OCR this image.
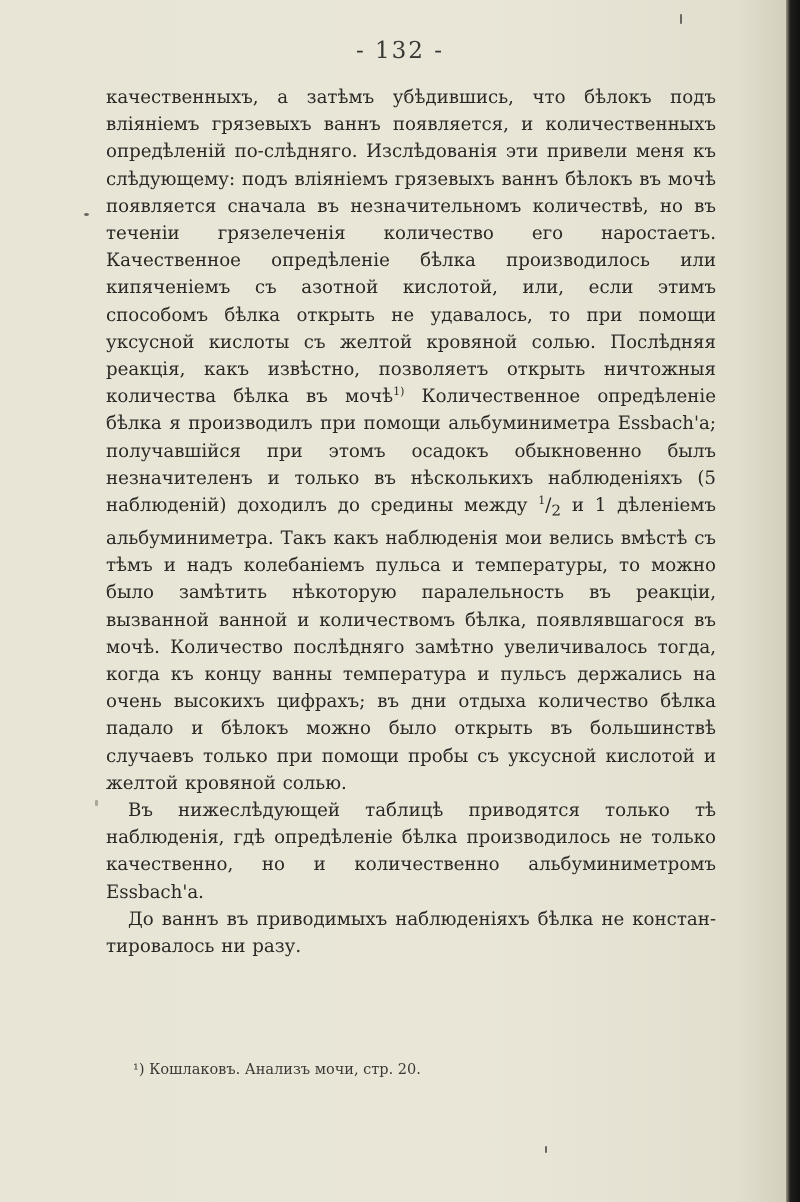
- 132 -

качественныхъ, а затѣмъ убѣдившись, что бѣлокъ подъ вліяніемъ грязевыхъ ваннъ появляется, и количественныхъ опредѣленій по-слѣдняго. Изслѣдованія эти привели меня къ слѣдующему: подъ вліяніемъ грязевыхъ ваннъ бѣлокъ въ мочѣ появляется сначала въ незначительномъ количествѣ, но въ теченіи грязелеченія количество его наростаетъ. Качественное опредѣленіе бѣлка производилось или кипяченіемъ съ азотной кислотой, или, если этимъ способомъ бѣлка открыть не удавалось, то при помощи уксусной кислоты съ желтой кровяной солью. Послѣдняя реакція, какъ извѣстно, позволяетъ открыть ничтожныя количества бѣлка въ мочѣ$^{1)}$ Количественное опредѣленіе бѣлка я производилъ при помощи альбуминиметра Essbach'а; получавшійся при этомъ осадокъ обыкновенно былъ незначителенъ и только въ нѣсколькихъ наблюденіяхъ (5 наблюденій) доходилъ до средины между $^1/_2$ и 1 дѣленіемъ альбуминиметра. Такъ какъ наблюденія мои велись вмѣстѣ съ тѣмъ и надъ колебаніемъ пульса и температуры, то можно было замѣтить нѣкоторую паралельность въ реакціи, вызванной ванной и количествомъ бѣлка, появлявшагося въ мочѣ. Количество послѣдняго замѣтно увеличивалось тогда, когда къ концу ванны температура и пульсъ держались на очень высокихъ цифрахъ; въ дни отдыха количество бѣлка падало и бѣлокъ можно было открыть въ большинствѣ случаевъ только при помощи пробы съ уксусной кислотой и желтой кровяной солью.

Въ нижеслѣдующей таблицѣ приводятся только тѣ наблюденія, гдѣ опредѣленіе бѣлка производилось не только качественно, но и количественно альбуминиметромъ Essbach'а.

До ваннъ въ приводимыхъ наблюденіяхъ бѣлка не констан-тировалось ни разу.

¹) Кошлаковъ. Анализъ мочи, стр. 20.
